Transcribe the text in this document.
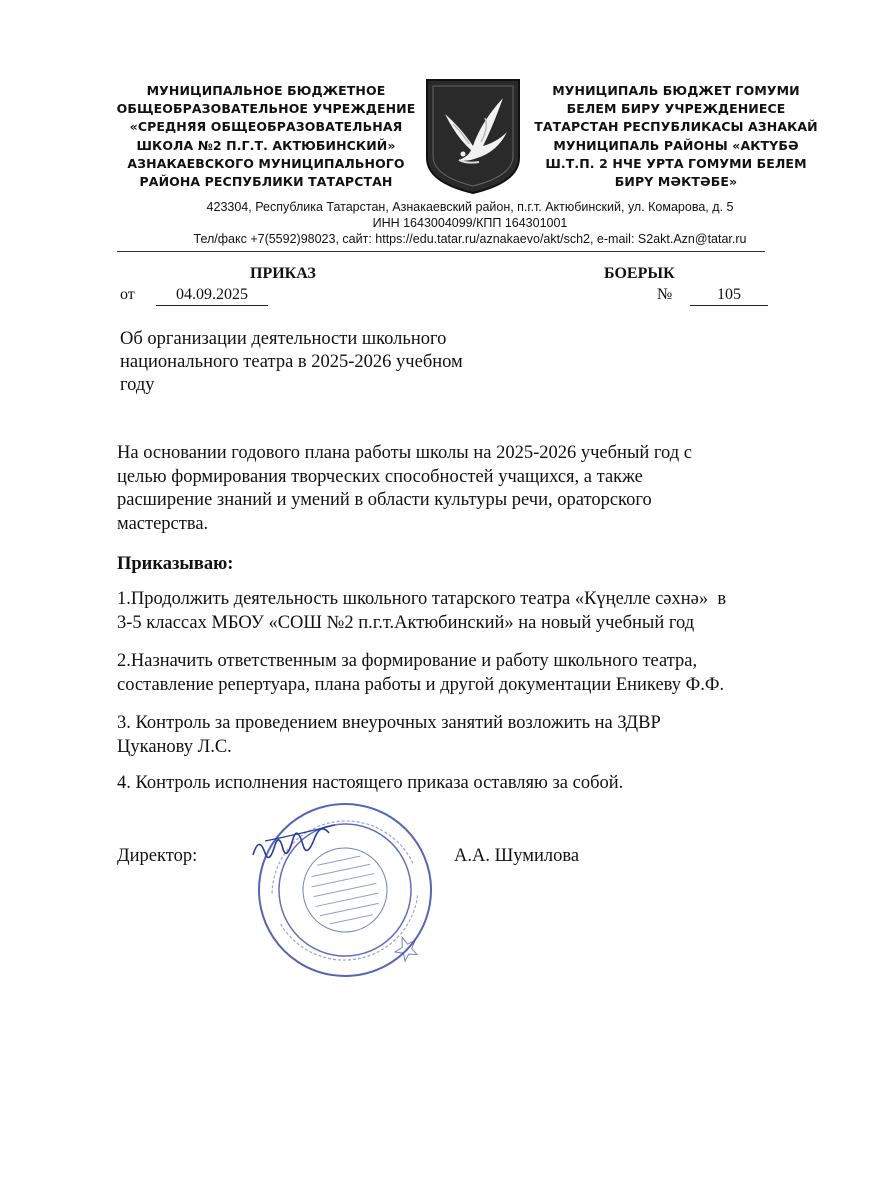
МУНИЦИПАЛЬНОЕ БЮДЖЕТНОЕ
ОБЩЕОБРАЗОВАТЕЛЬНОЕ УЧРЕЖДЕНИЕ
«СРЕДНЯЯ ОБЩЕОБРАЗОВАТЕЛЬНАЯ
ШКОЛА №2 П.Г.Т. АКТЮБИНСКИЙ»
АЗНАКАЕВСКОГО МУНИЦИПАЛЬНОГО
РАЙОНА РЕСПУБЛИКИ ТАТАРСТАН
МУНИЦИПАЛЬ БЮДЖЕТ ГОМУМИ
БЕЛЕМ БИРУ УЧРЕЖДЕНИЕСЕ
ТАТАРСТАН РЕСПУБЛИКАСЫ АЗНАКАЙ
МУНИЦИПАЛЬ РАЙОНЫ «АКТҮБӘ
Ш.Т.П. 2 НЧЕ УРТА ГОМУМИ БЕЛЕМ
БИРҮ МӘКТӘБЕ»
423304, Республика Татарстан, Азнакаевский район, п.г.т. Актюбинский, ул. Комарова, д. 5
ИНН 1643004099/КПП 164301001
Тел/факс +7(5592)98023, сайт: https://edu.tatar.ru/aznakaevo/akt/sch2, e-mail: S2akt.Azn@tatar.ru
ПРИКАЗ	БОЕРЫК
от	04.09.2025	№	105
Об организации деятельности школьного
национального театра в 2025-2026 учебном
году
На основании годового плана работы школы на 2025-2026 учебный год с
целью формирования творческих способностей учащихся, а также
расширение знаний и умений в области культуры речи, ораторского
мастерства.
Приказываю:
1.Продолжить деятельность школьного татарского театра «Күңелле сәхнә»  в
3-5 классах МБОУ «СОШ №2 п.г.т.Актюбинский» на новый учебный год
2.Назначить ответственным за формирование и работу школьного театра,
составление репертуара, плана работы и другой документации Еникеву Ф.Ф.
3. Контроль за проведением внеурочных занятий возложить на ЗДВР
Цуканову Л.С.
4. Контроль исполнения настоящего приказа оставляю за собой.
Директор:	А.А. Шумилова
